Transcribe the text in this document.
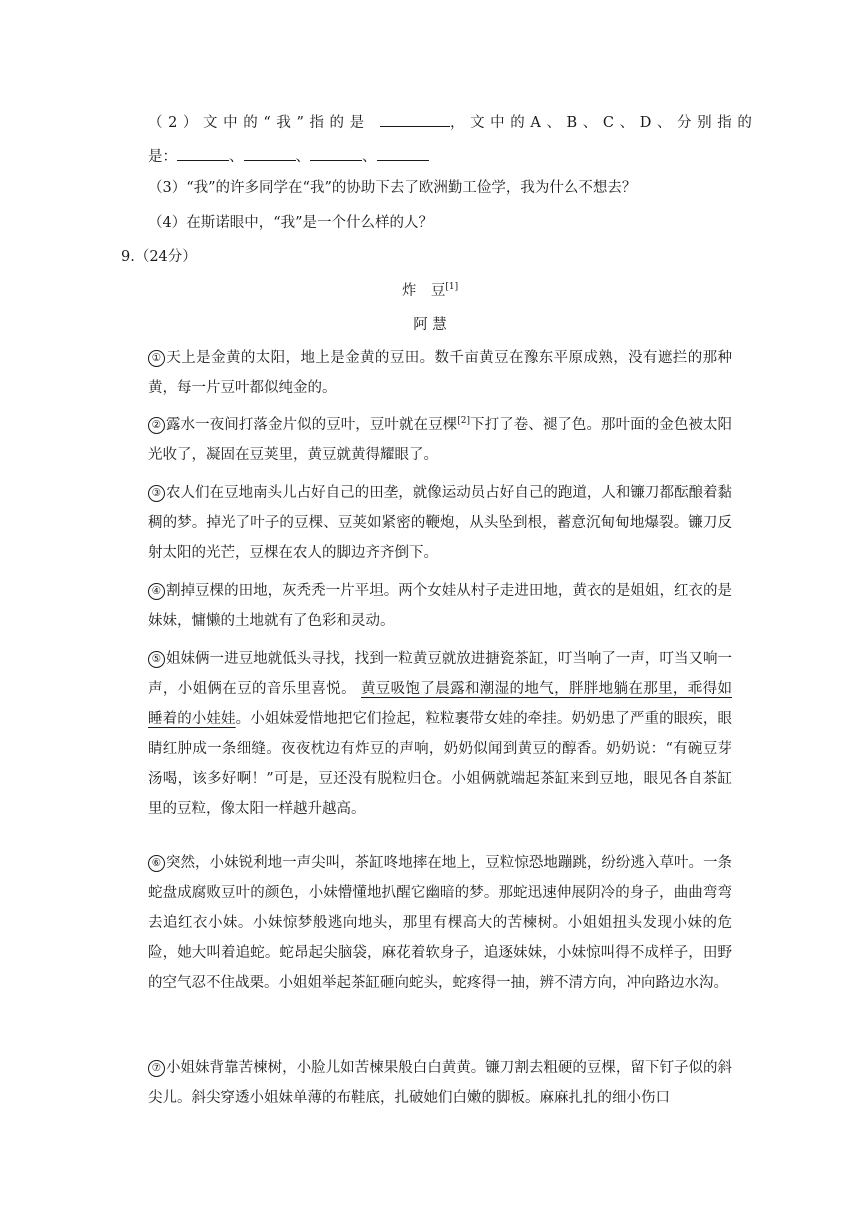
（2）文中的“我”指的是	，文中的A、B、C、D、分别指的
是：	、	、	、
（3）“我”的许多同学在“我”的协助下去了欧洲勤工俭学，我为什么不想去？
（4）在斯诺眼中，“我”是一个什么样的人？
9.（24分）
炸　豆[1]
阿 慧
① 天上是金黄的太阳，地上是金黄的豆田。数千亩黄豆在豫东平原成熟，没有遮拦的那种黄，每一片豆叶都似纯金的。
② 露水一夜间打落金片似的豆叶，豆叶就在豆棵[2]下打了卷、褪了色。那叶面的金色被太阳光收了，凝固在豆荚里，黄豆就黄得耀眼了。
③ 农人们在豆地南头儿占好自己的田垄，就像运动员占好自己的跑道，人和镰刀都酝酿着黏稠的梦。掉光了叶子的豆棵、豆荚如紧密的鞭炮，从头坠到根，蓄意沉甸甸地爆裂。镰刀反射太阳的光芒，豆棵在农人的脚边齐齐倒下。
④ 割掉豆棵的田地，灰秃秃一片平坦。两个女娃从村子走进田地，黄衣的是姐姐，红衣的是妹妹，慵懒的土地就有了色彩和灵动。
⑤ 姐妹俩一进豆地就低头寻找，找到一粒黄豆就放进搪瓷茶缸，叮当响了一声，叮当又响一声，小姐俩在豆的音乐里喜悦。 黄豆吸饱了晨露和潮湿的地气，胖胖地躺在那里，乖得如睡着的小娃娃。小姐妹爱惜地把它们捡起，粒粒裹带女娃的牵挂。奶奶患了严重的眼疾，眼睛红肿成一条细缝。夜夜枕边有炸豆的声响，奶奶似闻到黄豆的醇香。奶奶说：“有碗豆芽汤喝，该多好啊！”可是，豆还没有脱粒归仓。小姐俩就端起茶缸来到豆地，眼见各自茶缸里的豆粒，像太阳一样越升越高。
⑥ 突然，小妹锐利地一声尖叫，茶缸咚地摔在地上，豆粒惊恐地蹦跳，纷纷逃入草叶。一条蛇盘成腐败豆叶的颜色，小妹懵懂地扒醒它幽暗的梦。那蛇迅速伸展阴冷的身子，曲曲弯弯去追红衣小妹。小妹惊梦般逃向地头，那里有棵高大的苦楝树。小姐姐扭头发现小妹的危险，她大叫着追蛇。蛇昂起尖脑袋，麻花着软身子，追逐妹妹，小妹惊叫得不成样子，田野的空气忍不住战栗。小姐姐举起茶缸砸向蛇头，蛇疼得一抽，辨不清方向，冲向路边水沟。
⑦ 小姐妹背靠苦楝树，小脸儿如苦楝果般白白黄黄。镰刀割去粗硬的豆棵，留下钉子似的斜尖儿。斜尖穿透小姐妹单薄的布鞋底，扎破她们白嫩的脚板。麻麻扎扎的细小伤口
